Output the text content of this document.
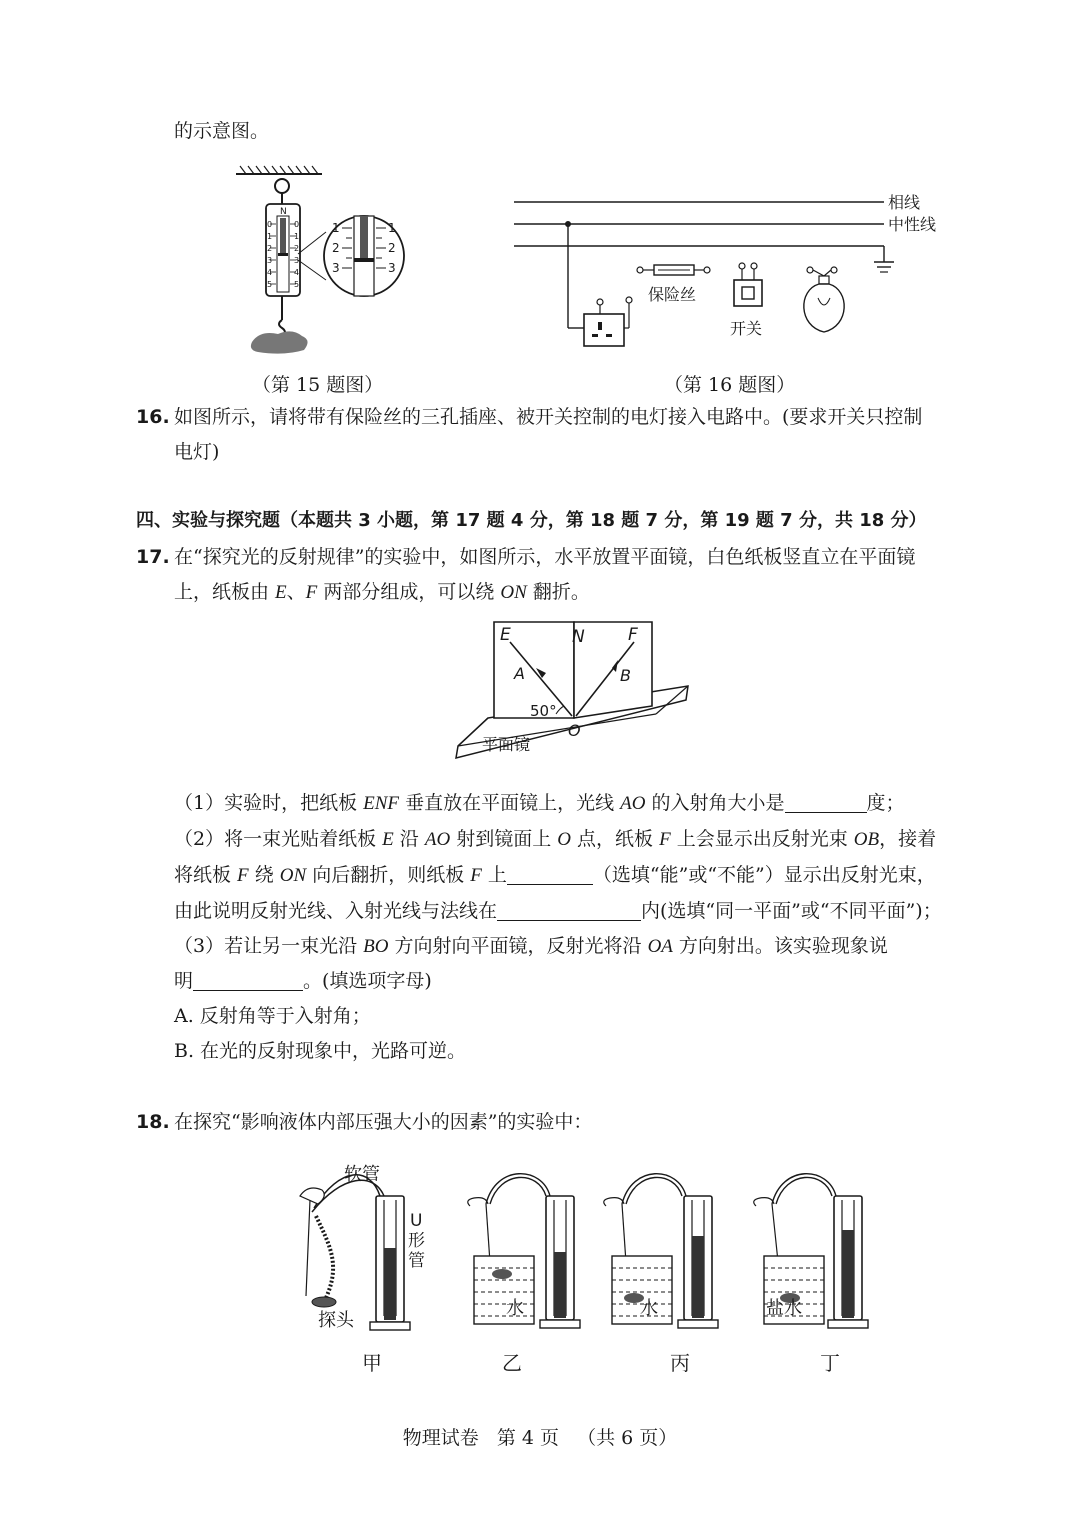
的示意图。
N
0
1
2
3
4
5
0
1
2
3
4
5
1
2
3
1
2
3
相线
中性线
保险丝
开关
（第 15 题图）	（第 16 题图）
16. 如图所示，请将带有保险丝的三孔插座、被开关控制的电灯接入电路中。(要求开关只控制
电灯)
四、实验与探究题（本题共 3 小题，第 17 题 4 分，第 18 题 7 分，第 19 题 7 分，共 18 分）
17. 在“探究光的反射规律”的实验中，如图所示，水平放置平面镜，白色纸板竖直立在平面镜
上，纸板由 E、F 两部分组成，可以绕 ON 翻折。
E	N	F
A	B
50°
O
平面镜
（1）实验时，把纸板 ENF 垂直放在平面镜上，光线 AO 的入射角大小是	度；
（2）将一束光贴着纸板 E 沿 AO 射到镜面上 O 点，纸板 F 上会显示出反射光束 OB，接着
将纸板 F 绕 ON 向后翻折，则纸板 F 上	（选填“能”或“不能”）显示出反射光束，
由此说明反射光线、入射光线与法线在	内(选填“同一平面”或“不同平面”)；
（3）若让另一束光沿 BO 方向射向平面镜，反射光将沿 OA 方向射出。该实验现象说
明	。(填选项字母)
A. 反射角等于入射角；
B. 在光的反射现象中，光路可逆。
18. 在探究“影响液体内部压强大小的因素”的实验中：
软管
探头
U
形
管
水	水	盐水
甲	乙	丙	丁
物理试卷   第 4 页   （共 6 页）
